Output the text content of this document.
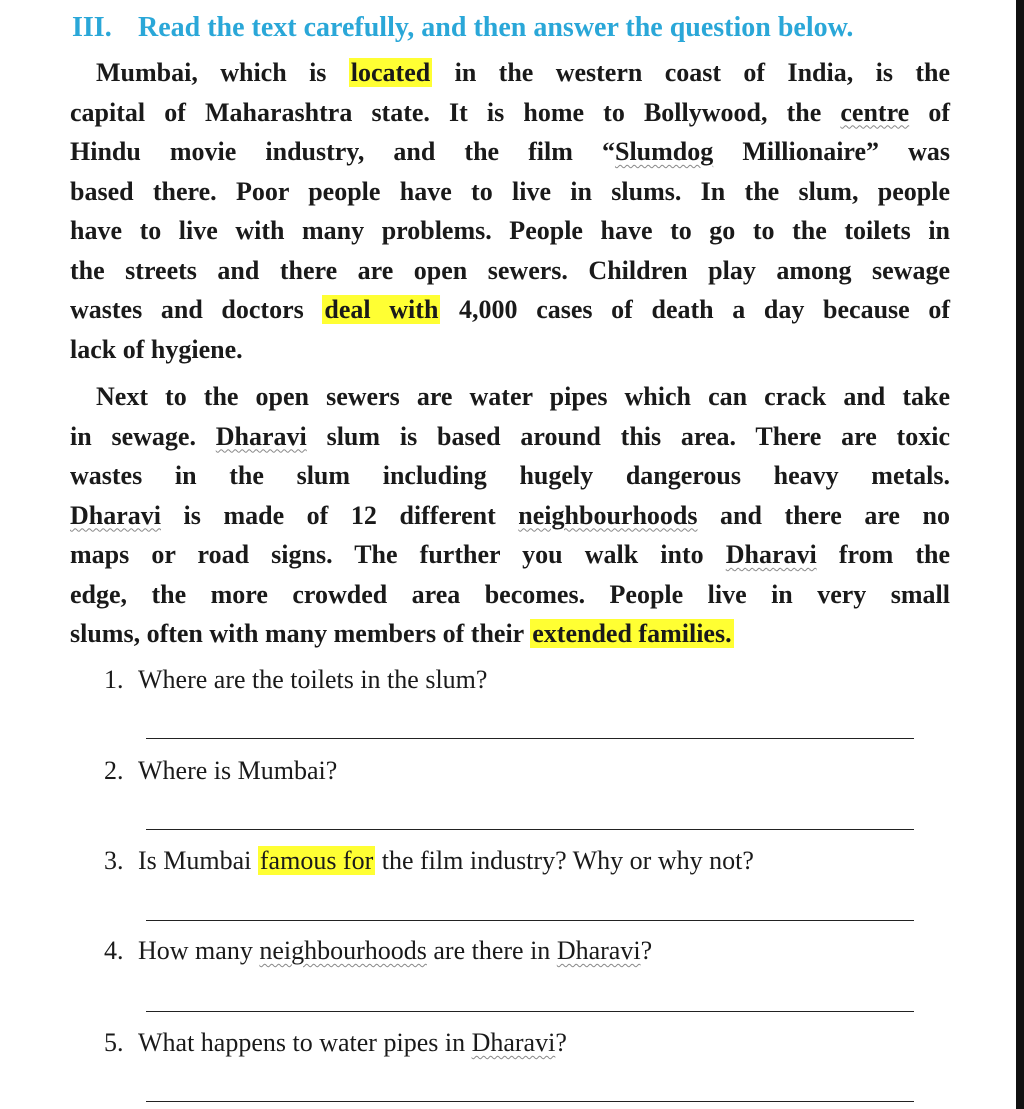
III. Read the text carefully, and then answer the question below.
 Mumbai, which is located in the western coast of India, is the
capital of Maharashtra state. It is home to Bollywood, the centre of
Hindu movie industry, and the film “Slumdog Millionaire” was
based there. Poor people have to live in slums. In the slum, people
have to live with many problems. People have to go to the toilets in
the streets and there are open sewers. Children play among sewage
wastes and doctors deal with 4,000 cases of death a day because of
lack of hygiene.
 Next to the open sewers are water pipes which can crack and take
in sewage. Dharavi slum is based around this area. There are toxic
wastes in the slum including hugely dangerous heavy metals.
Dharavi is made of 12 different neighbourhoods and there are no
maps or road signs. The further you walk into Dharavi from the
edge, the more crowded area becomes. People live in very small
slums, often with many members of their extended families.
1. Where are the toilets in the slum?
2. Where is Mumbai?
3. Is Mumbai famous for the film industry? Why or why not?
4. How many neighbourhoods are there in Dharavi?
5. What happens to water pipes in Dharavi?
